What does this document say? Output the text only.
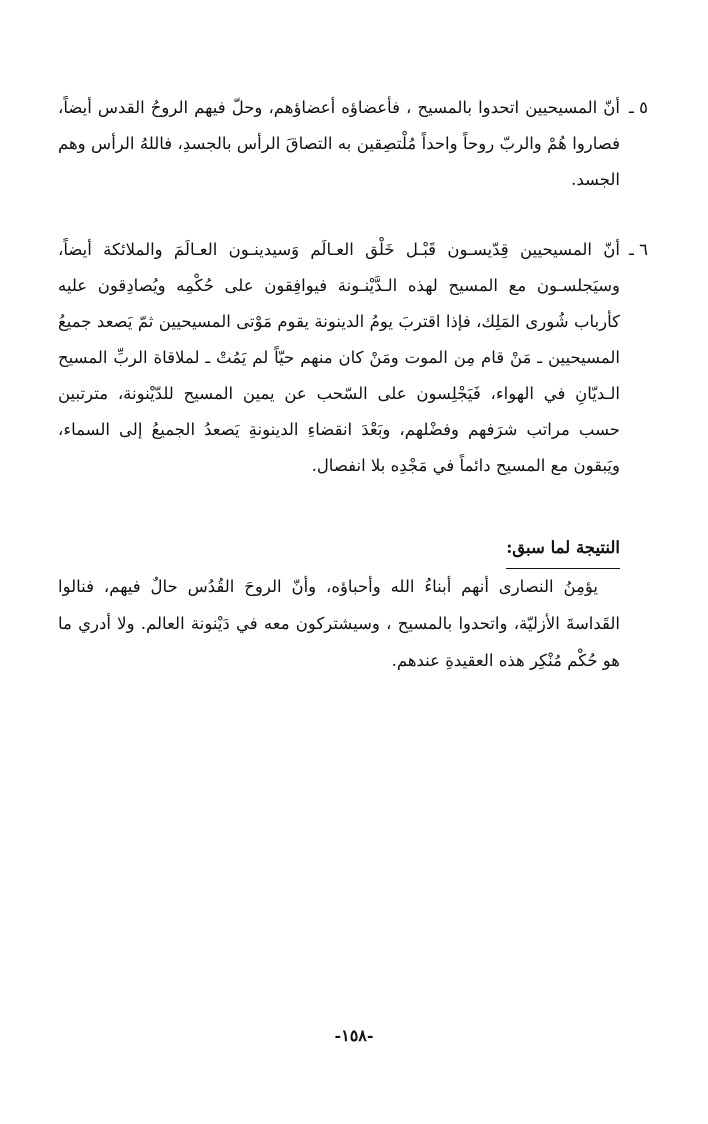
٥ ـ
أنّ المسيحيين اتحدوا بالمسيح ، فأعضاؤه أعضاؤهم، وحلّ فيهم الروحُ القدس أيضاً، فصاروا هُمْ والربّ روحاً واحداً مُلْتصِقين به التصاقَ الرأس بالجسدِ، فاللهُ الرأس وهم الجسد.
٦ ـ
أنّ المسيحيين قِدّيسـون قَبْـل خَلْق العـالَم وَسيدينـون العـالَمَ والملائكة أيضاً، وسيَجلسـون مع المسيح لهذه الـدَّيْنـونة فيوافِقون على حُكْمِه ويُصادِقون عليه كأرباب شُورى المَلِك، فإذا اقتربَ يومُ الدينونة يقوم مَوْتى المسيحيين ثمّ يَصعد جميعُ المسيحيين ـ مَنْ قام مِن الموت ومَنْ كان منهم حيّاً لم يَمُتْ ـ لملاقاة الربِّ المسيح الـديّانِ في الهواء، فَيَجْلِسون على السّحب عن يمين المسيح للدّيْنونة، مترتبين حسب مراتب شرَفهم وفضْلهم، وبَعْدَ انقضاءِ الدينونةِ يَصعدُ الجميعُ إلى السماء، ويَبقون مع المسيح دائماً في مَجْدِه بلا انفصال.
النتيجة لما سبق:
يؤمِنُ النصارى أنهم أبناءُ الله وأحباؤه، وأنّ الروحَ القُدُس حالٌ فيهم، فنالوا القَداسةَ الأزليّة، واتحدوا بالمسيح ، وسيشتركون معه في دَيْنونة العالم. ولا أدري ما هو حُكْم مُنْكِر هذه العقيدةِ عندهم.
-١٥٨-
